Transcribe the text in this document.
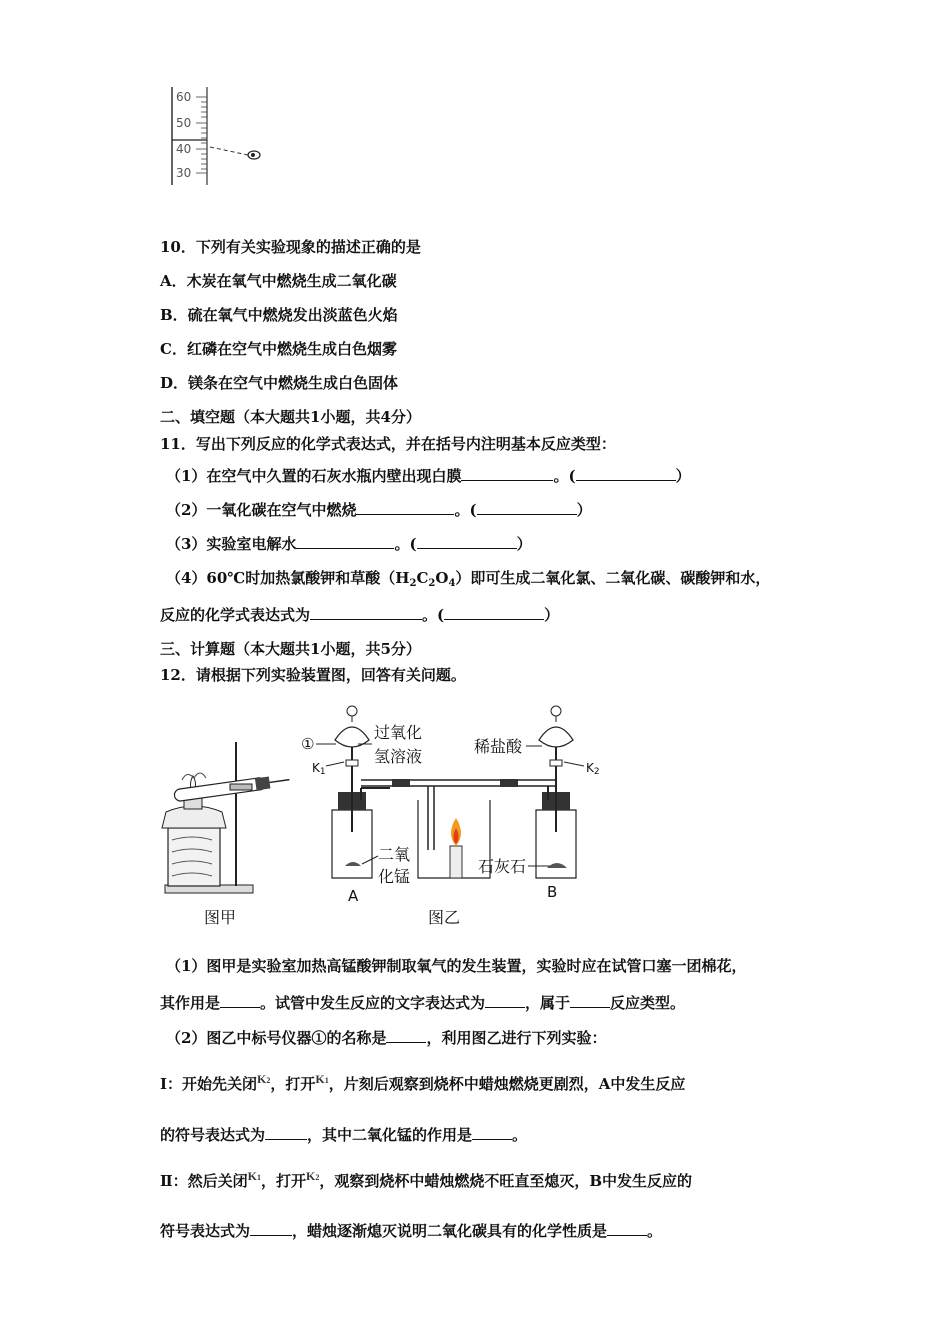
60
50
40
30
10．下列有关实验现象的描述正确的是
A．木炭在氧气中燃烧生成二氧化碳
B．硫在氧气中燃烧发出淡蓝色火焰
C．红磷在空气中燃烧生成白色烟雾
D．镁条在空气中燃烧生成白色固体
二、填空题（本大题共1小题，共4分）
11．写出下列反应的化学式表达式，并在括号内注明基本反应类型：
（1）在空气中久置的石灰水瓶内壁出现白膜	。(	）
（2）一氧化碳在空气中燃烧	。(	）
（3）实验室电解水	。(	）
（4）60℃时加热氯酸钾和草酸$(H_2C_2O_4)$即可生成二氧化氯、二氧化碳、碳酸钾和水，
反应的化学式表达式为	。(	）
三、计算题（本大题共1小题，共5分）
12．请根据下列实验装置图，回答有关问题。
图甲
①
过氧化
氢溶液
稀盐酸
K1	K2
二氧
化锰
石灰石
A	B
图乙
（1）图甲是实验室加热高锰酸钾制取氧气的发生装置，实验时应在试管口塞一团棉花，
其作用是	。试管中发生反应的文字表达式为	，属于	反应类型。
（2）图乙中标号仪器①的名称是	，利用图乙进行下列实验：
Ⅰ：开始先关闭$^{K2}$，打开$^{K1}$，片刻后观察到烧杯中蜡烛燃烧更剧烈，A中发生反应
的符号表达式为	，其中二氧化锰的作用是	。
Ⅱ：然后关闭$^{K1}$，打开$^{K2}$，观察到烧杯中蜡烛燃烧不旺直至熄灭，B中发生反应的
符号表达式为	，蜡烛逐渐熄灭说明二氧化碳具有的化学性质是	。
